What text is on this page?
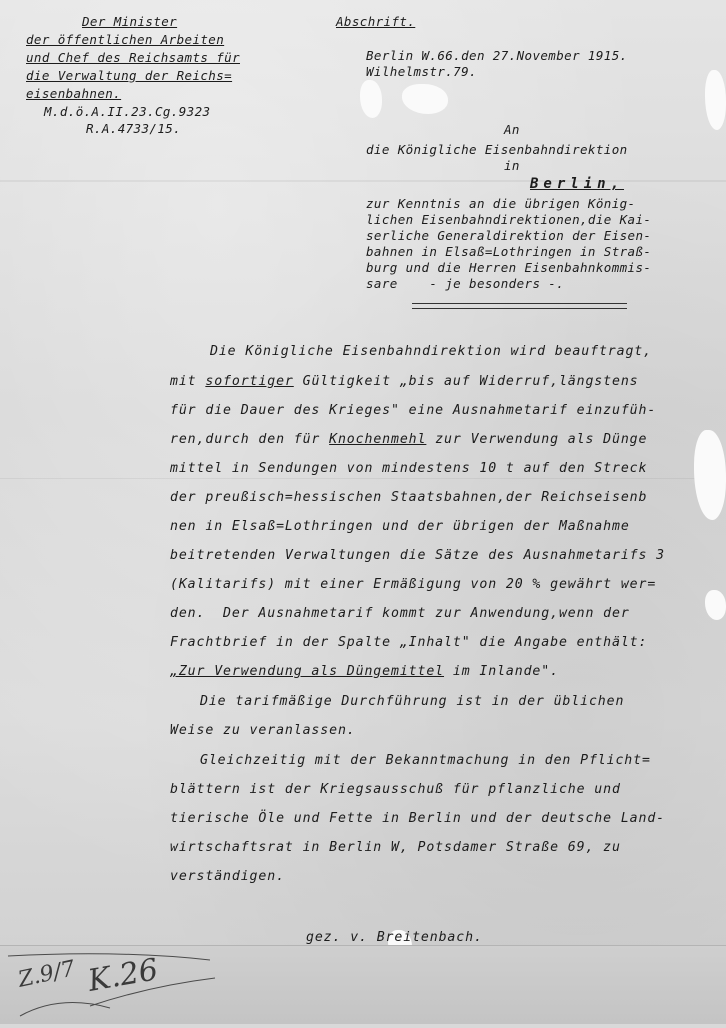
Der Minister
der öffentlichen Arbeiten
und Chef des Reichsamts für
die Verwaltung der Reichs=
eisenbahnen.
M.d.ö.A.II.23.Cg.9323
R.A.4733/15.
Abschrift.
Berlin W.66.den 27.November 1915.
Wilhelmstr.79.
An
die Königliche Eisenbahndirektion
in
Berlin,
zur Kenntnis an die übrigen König-
lichen Eisenbahndirektionen,die Kai-
serliche Generaldirektion der Eisen-
bahnen in Elsaß=Lothringen in Straß-
burg und die Herren Eisenbahnkommis-
sare    - je besonders -.
Die Königliche Eisenbahndirektion wird beauftragt,
mit sofortiger Gültigkeit „bis auf Widerruf,längstens
für die Dauer des Krieges" eine Ausnahmetarif einzufüh-
ren,durch den für Knochenmehl zur Verwendung als Dünge
mittel in Sendungen von mindestens 10 t auf den Streck
der preußisch=hessischen Staatsbahnen,der Reichseisenb
nen in Elsaß=Lothringen und der übrigen der Maßnahme
beitretenden Verwaltungen die Sätze des Ausnahmetarifs 3
(Kalitarifs) mit einer Ermäßigung von 20 % gewährt wer=
den.  Der Ausnahmetarif kommt zur Anwendung,wenn der
Frachtbrief in der Spalte „Inhalt" die Angabe enthält:
„Zur Verwendung als Düngemittel im Inlande".
Die tarifmäßige Durchführung ist in der üblichen
Weise zu veranlassen.
Gleichzeitig mit der Bekanntmachung in den Pflicht=
blättern ist der Kriegsausschuß für pflanzliche und
tierische Öle und Fette in Berlin und der deutsche Land-
wirtschaftsrat in Berlin W, Potsdamer Straße 69, zu
verständigen.
gez. v. Breitenbach.
Z.9/7 K.26
